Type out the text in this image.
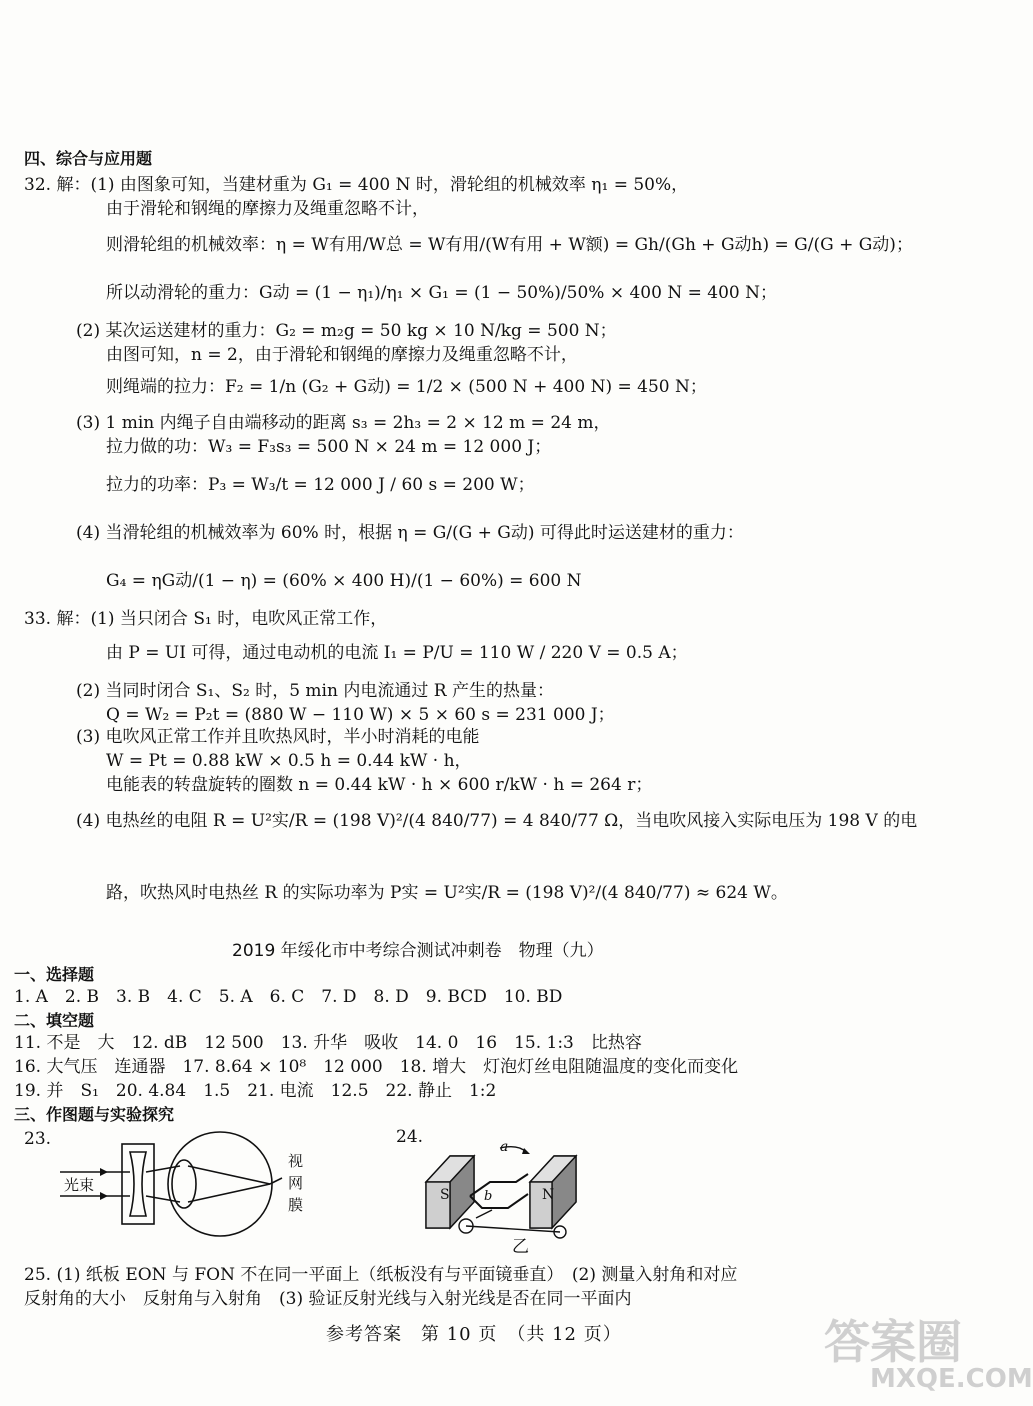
四、综合与应用题
32. 解：(1) 由图象可知，当建材重为 G₁ = 400 N 时，滑轮组的机械效率 η₁ = 50%，
由于滑轮和钢绳的摩擦力及绳重忽略不计，
则滑轮组的机械效率：η = W有用/W总 = W有用/(W有用 + W额) = Gh/(Gh + G动h) = G/(G + G动)；
所以动滑轮的重力：G动 = (1 − η₁)/η₁ × G₁ = (1 − 50%)/50% × 400 N = 400 N；
(2) 某次运送建材的重力：G₂ = m₂g = 50 kg × 10 N/kg = 500 N；
由图可知，n = 2，由于滑轮和钢绳的摩擦力及绳重忽略不计，
则绳端的拉力：F₂ = 1/n (G₂ + G动) = 1/2 × (500 N + 400 N) = 450 N；
(3) 1 min 内绳子自由端移动的距离 s₃ = 2h₃ = 2 × 12 m = 24 m，
拉力做的功：W₃ = F₃s₃ = 500 N × 24 m = 12 000 J；
拉力的功率：P₃ = W₃/t = 12 000 J / 60 s = 200 W；
(4) 当滑轮组的机械效率为 60% 时，根据 η = G/(G + G动) 可得此时运送建材的重力：
G₄ = ηG动/(1 − η) = (60% × 400 H)/(1 − 60%) = 600 N
33. 解：(1) 当只闭合 S₁ 时，电吹风正常工作，
由 P = UI 可得，通过电动机的电流 I₁ = P/U = 110 W / 220 V = 0.5 A；
(2) 当同时闭合 S₁、S₂ 时，5 min 内电流通过 R 产生的热量：
Q = W₂ = P₂t = (880 W − 110 W) × 5 × 60 s = 231 000 J；
(3) 电吹风正常工作并且吹热风时，半小时消耗的电能
W = Pt = 0.88 kW × 0.5 h = 0.44 kW · h，
电能表的转盘旋转的圈数 n = 0.44 kW · h × 600 r/kW · h = 264 r；
(4) 电热丝的电阻 R = U²实/R = (198 V)²/(4 840/77) = 4 840/77 Ω，当电吹风接入实际电压为 198 V 的电
路，吹热风时电热丝 R 的实际功率为 P实 = U²实/R = (198 V)²/(4 840/77) ≈ 624 W。
2019 年绥化市中考综合测试冲刺卷　物理（九）
一、选择题
1. A　2. B　3. B　4. C　5. A　6. C　7. D　8. D　9. BCD　10. BD
二、填空题
11. 不是　大　12. dB　12 500　13. 升华　吸收　14. 0　16　15. 1:3　比热容
16. 大气压　连通器　17. 8.64 × 10⁸　12 000　18. 增大　灯泡灯丝电阻随温度的变化而变化
19. 并　S₁　20. 4.84　1.5　21. 电流　12.5　22. 静止　1:2
三、作图题与实验探究
23.
光束
视
网
膜
24.
S	N
a
b
乙
25. (1) 纸板 EON 与 FON 不在同一平面上（纸板没有与平面镜垂直）　(2) 测量入射角和对应
反射角的大小　反射角与入射角　(3) 验证反射光线与入射光线是否在同一平面内
参考答案　第 10 页　（共 12 页）	答案圈
MXQE.COM
